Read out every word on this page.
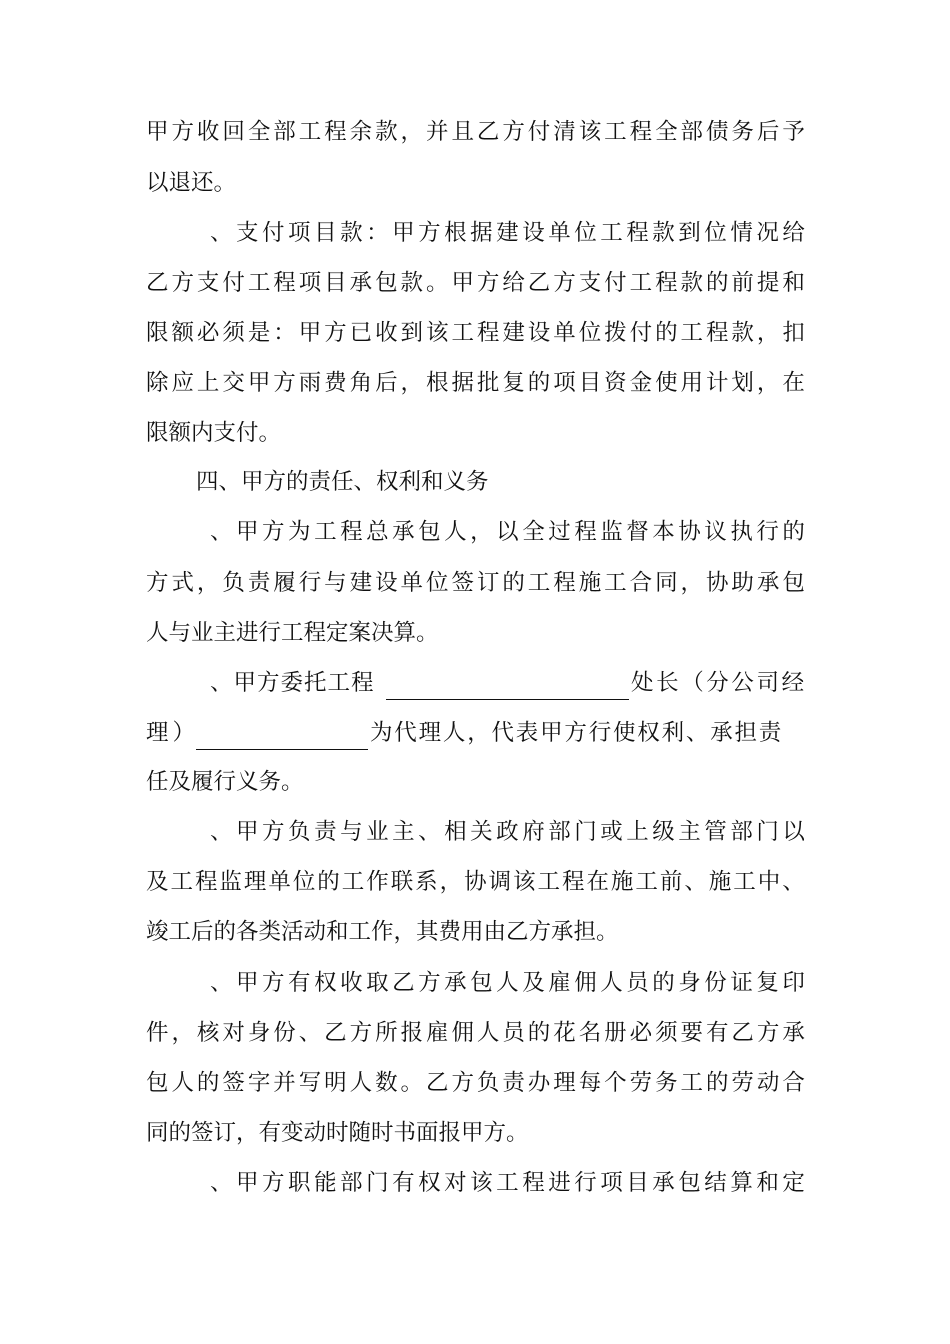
甲 方 收 回 全 部 工 程 余 款 ， 并 且 乙 方 付 清 该 工 程 全 部 债 务 后 予
以退还。
、 支 付 项 目 款 ： 甲 方 根 据 建 设 单 位 工 程 款 到 位 情 况 给
乙 方 支 付 工 程 项 目 承 包 款 。 甲 方 给 乙 方 支 付 工 程 款 的 前 提 和
限 额 必 须 是 ： 甲 方 已 收 到 该 工 程 建 设 单 位 拨 付 的 工 程 款 ， 扣
除 应 上 交 甲 方 雨 费 角 后 ， 根 据 批 复 的 项 目 资 金 使 用 计 划 ， 在
限额内支付。
四、甲方的责任、权利和义务
、 甲 方 为 工 程 总 承 包 人 ， 以 全 过 程 监 督 本 协 议 执 行 的
方 式 ， 负 责 履 行 与 建 设 单 位 签 订 的 工 程 施 工 合 同 ， 协 助 承 包
人与业主进行工程定案决算。
、甲方委托工程	处长（分公司经
理）	为代理人，代表甲方行使权利、承担责
任及履行义务。
、 甲 方 负 责 与 业 主 、 相 关 政 府 部 门 或 上 级 主 管 部 门 以
及 工 程 监 理 单 位 的 工 作 联 系 ， 协 调 该 工 程 在 施 工 前 、 施 工 中 、
竣工后的各类活动和工作，其费用由乙方承担。
、 甲 方 有 权 收 取 乙 方 承 包 人 及 雇 佣 人 员 的 身 份 证 复 印
件 ， 核 对 身 份 、 乙 方 所 报 雇 佣 人 员 的 花 名 册 必 须 要 有 乙 方 承
包 人 的 签 字 并 写 明 人 数 。 乙 方 负 责 办 理 每 个 劳 务 工 的 劳 动 合
同的签订，有变动时随时书面报甲方。
、 甲 方 职 能 部 门 有 权 对 该 工 程 进 行 项 目 承 包 结 算 和 定
